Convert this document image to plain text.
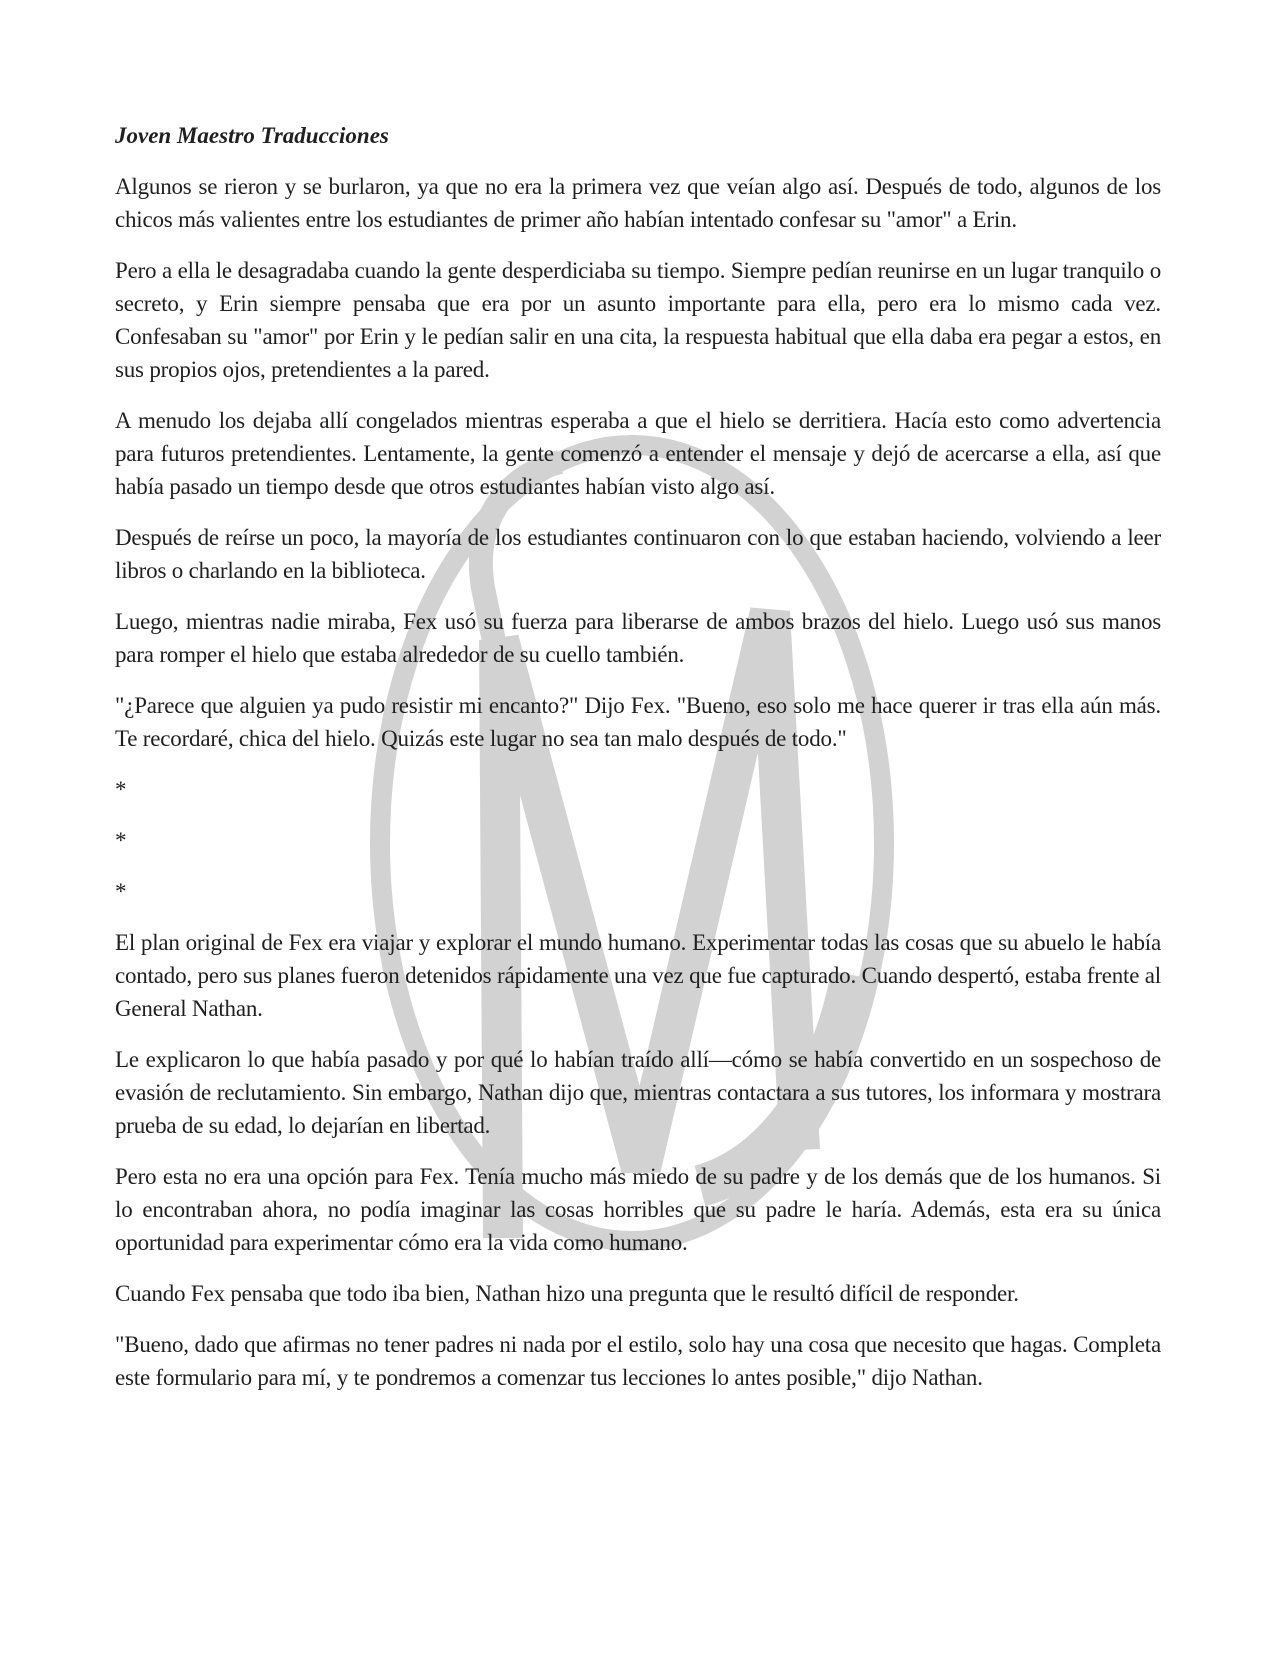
Joven Maestro Traducciones

Algunos se rieron y se burlaron, ya que no era la primera vez que veían algo así. Después de todo, algunos de los chicos más valientes entre los estudiantes de primer año habían intentado confesar su "amor" a Erin.

Pero a ella le desagradaba cuando la gente desperdiciaba su tiempo. Siempre pedían reunirse en un lugar tranquilo o secreto, y Erin siempre pensaba que era por un asunto importante para ella, pero era lo mismo cada vez. Confesaban su "amor" por Erin y le pedían salir en una cita, la respuesta habitual que ella daba era pegar a estos, en sus propios ojos, pretendientes a la pared.

A menudo los dejaba allí congelados mientras esperaba a que el hielo se derritiera. Hacía esto como advertencia para futuros pretendientes. Lentamente, la gente comenzó a entender el mensaje y dejó de acercarse a ella, así que había pasado un tiempo desde que otros estudiantes habían visto algo así.

Después de reírse un poco, la mayoría de los estudiantes continuaron con lo que estaban haciendo, volviendo a leer libros o charlando en la biblioteca.

Luego, mientras nadie miraba, Fex usó su fuerza para liberarse de ambos brazos del hielo. Luego usó sus manos para romper el hielo que estaba alrededor de su cuello también.

"¿Parece que alguien ya pudo resistir mi encanto?" Dijo Fex. "Bueno, eso solo me hace querer ir tras ella aún más. Te recordaré, chica del hielo. Quizás este lugar no sea tan malo después de todo."

*

*

*

El plan original de Fex era viajar y explorar el mundo humano. Experimentar todas las cosas que su abuelo le había contado, pero sus planes fueron detenidos rápidamente una vez que fue capturado. Cuando despertó, estaba frente al General Nathan.

Le explicaron lo que había pasado y por qué lo habían traído allí—cómo se había convertido en un sospechoso de evasión de reclutamiento. Sin embargo, Nathan dijo que, mientras contactara a sus tutores, los informara y mostrara prueba de su edad, lo dejarían en libertad.

Pero esta no era una opción para Fex. Tenía mucho más miedo de su padre y de los demás que de los humanos. Si lo encontraban ahora, no podía imaginar las cosas horribles que su padre le haría. Además, esta era su única oportunidad para experimentar cómo era la vida como humano.

Cuando Fex pensaba que todo iba bien, Nathan hizo una pregunta que le resultó difícil de responder.

"Bueno, dado que afirmas no tener padres ni nada por el estilo, solo hay una cosa que necesito que hagas. Completa este formulario para mí, y te pondremos a comenzar tus lecciones lo antes posible," dijo Nathan.
